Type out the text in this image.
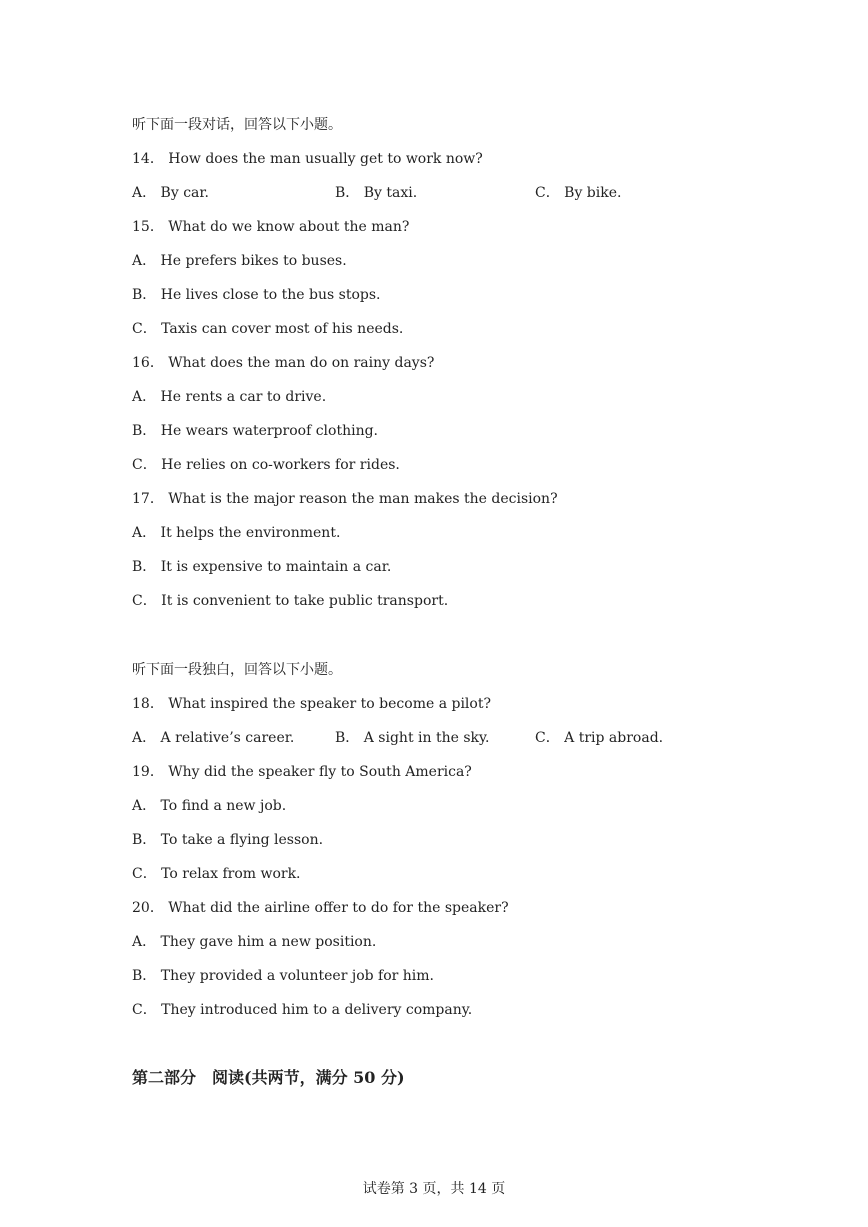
听下面一段对话，回答以下小题。
14． How does the man usually get to work now?
A． By car.	B． By taxi.	C． By bike.
15． What do we know about the man?
A． He prefers bikes to buses.
B． He lives close to the bus stops.
C． Taxis can cover most of his needs.
16． What does the man do on rainy days?
A． He rents a car to drive.
B． He wears waterproof clothing.
C． He relies on co-workers for rides.
17． What is the major reason the man makes the decision?
A． It helps the environment.
B． It is expensive to maintain a car.
C． It is convenient to take public transport.
听下面一段独白，回答以下小题。
18． What inspired the speaker to become a pilot?
A． A relative’s career.	B． A sight in the sky.	C． A trip abroad.
19． Why did the speaker fly to South America?
A． To find a new job.
B． To take a flying lesson.
C． To relax from work.
20． What did the airline offer to do for the speaker?
A． They gave him a new position.
B． They provided a volunteer job for him.
C． They introduced him to a delivery company.
第二部分　阅读(共两节，满分 50 分)
试卷第 3 页，共 14 页
